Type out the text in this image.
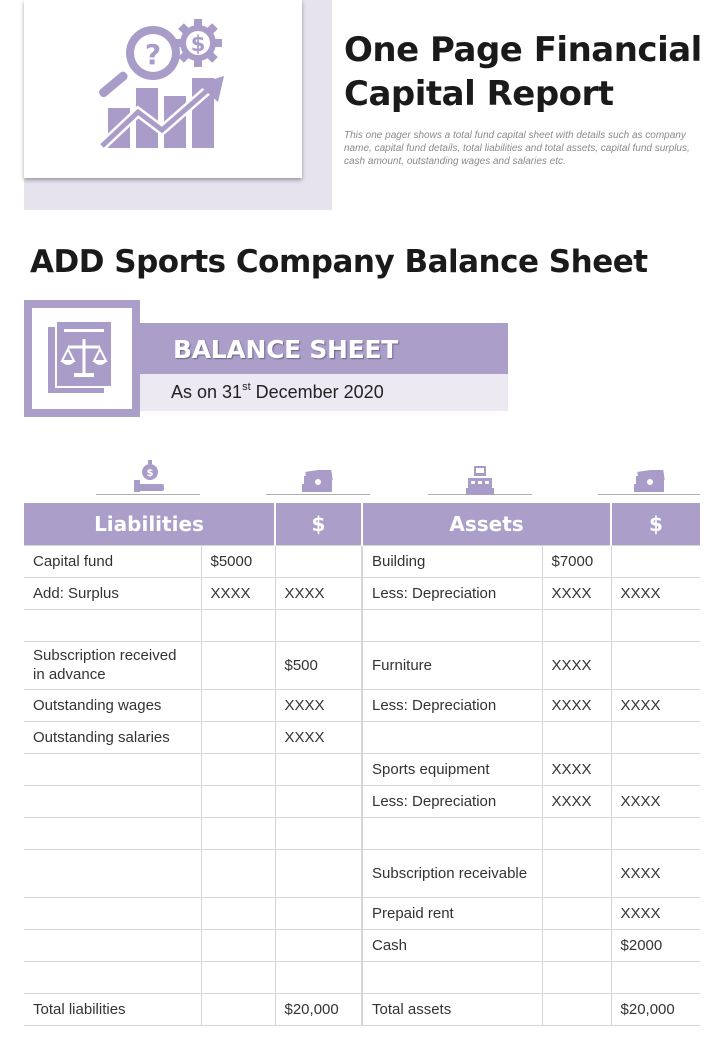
? $	One Page Financial
Capital Report
This one pager shows a total fund capital sheet with details such as company name, capital fund details, total liabilities and total assets, capital fund surplus, cash amount, outstanding wages and salaries etc.
ADD Sports Company Balance Sheet
BALANCE SHEET
As on 31st December 2020
$
Liabilities		$	Assets		$
Capital fund	$5000		Building	$7000	
Add: Surplus	XXXX	XXXX	Less: Depreciation	XXXX	XXXX

Subscription received in advance		$500	Furniture	XXXX	
Outstanding wages		XXXX	Less: Depreciation	XXXX	XXXX
Outstanding salaries		XXXX			
			Sports equipment	XXXX	
			Less: Depreciation	XXXX	XXXX

			Subscription receivable		XXXX
			Prepaid rent		XXXX
			Cash		$2000

Total liabilities		$20,000	Total assets		$20,000
